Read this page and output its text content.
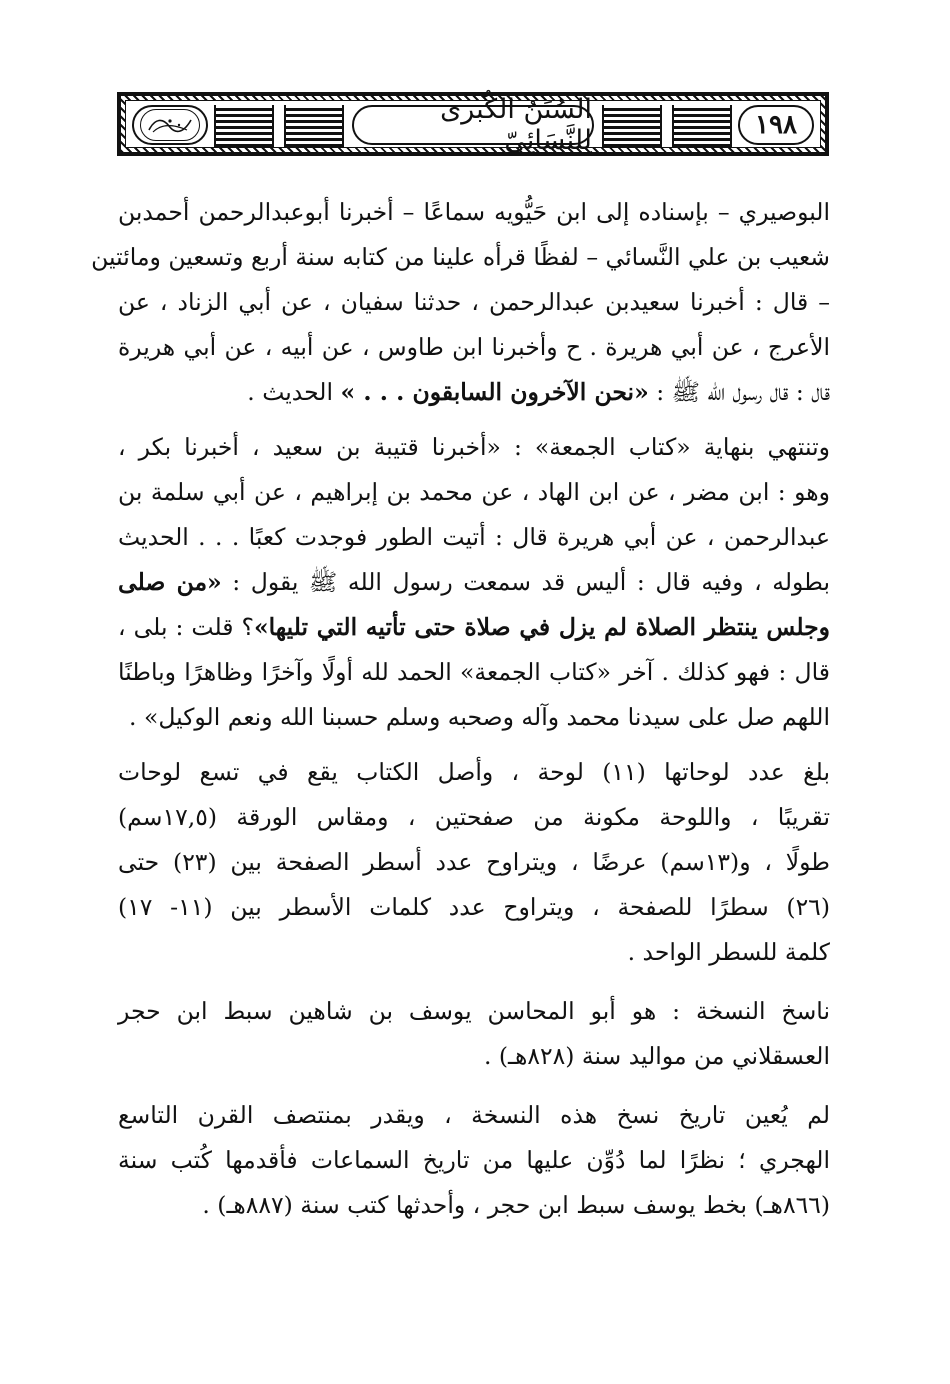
السُنَنُ الكُبرى لِلنَّسَائِيّ	١٩٨
البوصيري – بإسناده إلى ابن حَيُّويه سماعًا – أخبرنا أبوعبدالرحمن أحمدبن
شعيب بن علي النَّسائي – لفظًا قرأه علينا من كتابه سنة أربع وتسعين ومائتين
– قال : أخبرنا سعيدبن عبدالرحمن ، حدثنا سفيان ، عن أبي الزناد ، عن
الأعرج ، عن أبي هريرة . ح وأخبرنا ابن طاوس ، عن أبيه ، عن أبي هريرة
قال : قال رسول الله ﷺ : «نحن الآخرون السابقون . . . » الحديث .
وتنتهي بنهاية «كتاب الجمعة» : «أخبرنا قتيبة بن سعيد ، أخبرنا بكر ،
وهو : ابن مضر ، عن ابن الهاد ، عن محمد بن إبراهيم ، عن أبي سلمة بن
عبدالرحمن ، عن أبي هريرة قال : أتيت الطور فوجدت كعبًا . . . الحديث
بطوله ، وفيه قال : أليس قد سمعت رسول الله ﷺ يقول : «من صلى
وجلس ينتظر الصلاة لم يزل في صلاة حتى تأتيه التي تليها»؟ قلت : بلى ،
قال : فهو كذلك . آخر «كتاب الجمعة» الحمد لله أولًا وآخرًا وظاهرًا وباطنًا
اللهم صل على سيدنا محمد وآله وصحبه وسلم حسبنا الله ونعم الوكيل» .
بلغ عدد لوحاتها (١١) لوحة ، وأصل الكتاب يقع في تسع لوحات
تقريبًا ، واللوحة مكونة من صفحتين ، ومقاس الورقة (١٧,٥سم)
طولًا ، و(١٣سم) عرضًا ، ويتراوح عدد أسطر الصفحة بين (٢٣) حتى
(٢٦) سطرًا للصفحة ، ويتراوح عدد كلمات الأسطر بين (١١- ١٧)
كلمة للسطر الواحد .
ناسخ النسخة : هو أبو المحاسن يوسف بن شاهين سبط ابن حجر
العسقلاني من مواليد سنة (٨٢٨هـ) .
لم يُعين تاريخ نسخ هذه النسخة ، ويقدر بمنتصف القرن التاسع
الهجري ؛ نظرًا لما دُوِّن عليها من تاريخ السماعات فأقدمها كُتب سنة
(٨٦٦هـ) بخط يوسف سبط ابن حجر ، وأحدثها كتب سنة (٨٨٧هـ) .
